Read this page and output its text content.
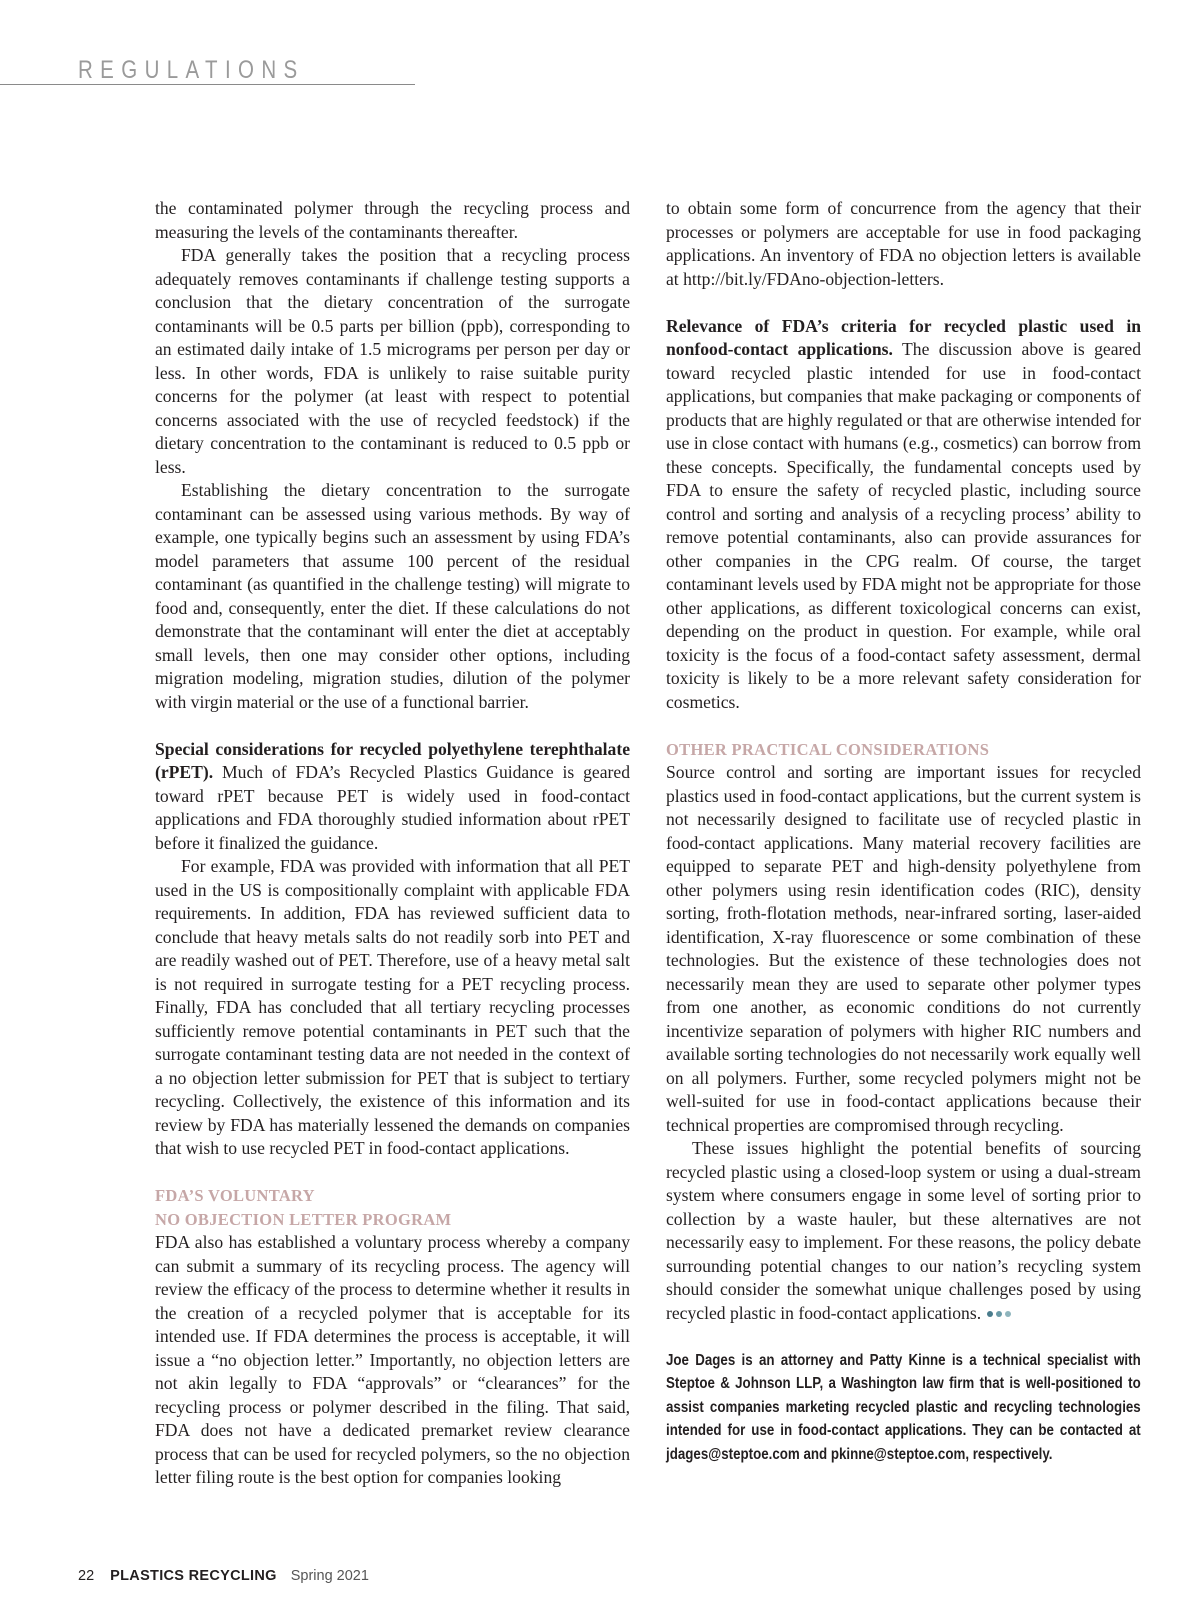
REGULATIONS

the contaminated polymer through the recycling process and measuring the levels of the contaminants thereafter.

FDA generally takes the position that a recycling process adequately removes contaminants if challenge testing supports a conclusion that the dietary concentration of the surrogate contaminants will be 0.5 parts per billion (ppb), corresponding to an estimated daily intake of 1.5 micrograms per person per day or less. In other words, FDA is unlikely to raise suitable purity concerns for the polymer (at least with respect to potential concerns associated with the use of recycled feedstock) if the dietary concentration to the contaminant is reduced to 0.5 ppb or less.

Establishing the dietary concentration to the surrogate contaminant can be assessed using various methods. By way of example, one typically begins such an assessment by using FDA’s model parameters that assume 100 percent of the residual contaminant (as quantified in the challenge testing) will migrate to food and, consequently, enter the diet. If these calculations do not demonstrate that the contaminant will enter the diet at acceptably small levels, then one may consider other options, including migration modeling, migration studies, dilution of the polymer with virgin material or the use of a functional barrier.

Special considerations for recycled polyethylene terephthalate (rPET). Much of FDA’s Recycled Plastics Guidance is geared toward rPET because PET is widely used in food-contact applications and FDA thoroughly studied information about rPET before it finalized the guidance.

For example, FDA was provided with information that all PET used in the US is compositionally complaint with applicable FDA requirements. In addition, FDA has reviewed sufficient data to conclude that heavy metals salts do not readily sorb into PET and are readily washed out of PET. Therefore, use of a heavy metal salt is not required in surrogate testing for a PET recycling process. Finally, FDA has concluded that all tertiary recycling processes sufficiently remove potential contaminants in PET such that the surrogate contaminant testing data are not needed in the context of a no objection letter submission for PET that is subject to tertiary recycling. Collectively, the existence of this information and its review by FDA has materially lessened the demands on companies that wish to use recycled PET in food-contact applications.

FDA’S VOLUNTARY
NO OBJECTION LETTER PROGRAM

FDA also has established a voluntary process whereby a company can submit a summary of its recycling process. The agency will review the efficacy of the process to determine whether it results in the creation of a recycled polymer that is acceptable for its intended use. If FDA determines the process is acceptable, it will issue a “no objection letter.” Importantly, no objection letters are not akin legally to FDA “approvals” or “clearances” for the recycling process or polymer described in the filing. That said, FDA does not have a dedicated premarket review clearance process that can be used for recycled polymers, so the no objection letter filing route is the best option for companies looking

to obtain some form of concurrence from the agency that their processes or polymers are acceptable for use in food packaging applications. An inventory of FDA no objection letters is available at http://bit.ly/FDAno-objection-letters.

Relevance of FDA’s criteria for recycled plastic used in nonfood-contact applications. The discussion above is geared toward recycled plastic intended for use in food-contact applications, but companies that make packaging or components of products that are highly regulated or that are otherwise intended for use in close contact with humans (e.g., cosmetics) can borrow from these concepts. Specifically, the fundamental concepts used by FDA to ensure the safety of recycled plastic, including source control and sorting and analysis of a recycling process’ ability to remove potential contaminants, also can provide assurances for other companies in the CPG realm. Of course, the target contaminant levels used by FDA might not be appropriate for those other applications, as different toxicological concerns can exist, depending on the product in question. For example, while oral toxicity is the focus of a food-contact safety assessment, dermal toxicity is likely to be a more relevant safety consideration for cosmetics.

OTHER PRACTICAL CONSIDERATIONS

Source control and sorting are important issues for recycled plastics used in food-contact applications, but the current system is not necessarily designed to facilitate use of recycled plastic in food-contact applications. Many material recovery facilities are equipped to separate PET and high-density polyethylene from other polymers using resin identification codes (RIC), density sorting, froth-flotation methods, near-infrared sorting, laser-aided identification, X-ray fluorescence or some combination of these technologies. But the existence of these technologies does not necessarily mean they are used to separate other polymer types from one another, as economic conditions do not currently incentivize separation of polymers with higher RIC numbers and available sorting technologies do not necessarily work equally well on all polymers. Further, some recycled polymers might not be well-suited for use in food-contact applications because their technical properties are compromised through recycling.

These issues highlight the potential benefits of sourcing recycled plastic using a closed-loop system or using a dual-stream system where consumers engage in some level of sorting prior to collection by a waste hauler, but these alternatives are not necessarily easy to implement. For these reasons, the policy debate surrounding potential changes to our nation’s recycling system should consider the somewhat unique challenges posed by using recycled plastic in food-contact applications.

Joe Dages is an attorney and Patty Kinne is a technical specialist with Steptoe & Johnson LLP, a Washington law firm that is well-positioned to assist companies marketing recycled plastic and recycling technologies intended for use in food-contact applications. They can be contacted at jdages@steptoe.com and pkinne@steptoe.com, respectively.
22 PLASTICS RECYCLING Spring 2021
